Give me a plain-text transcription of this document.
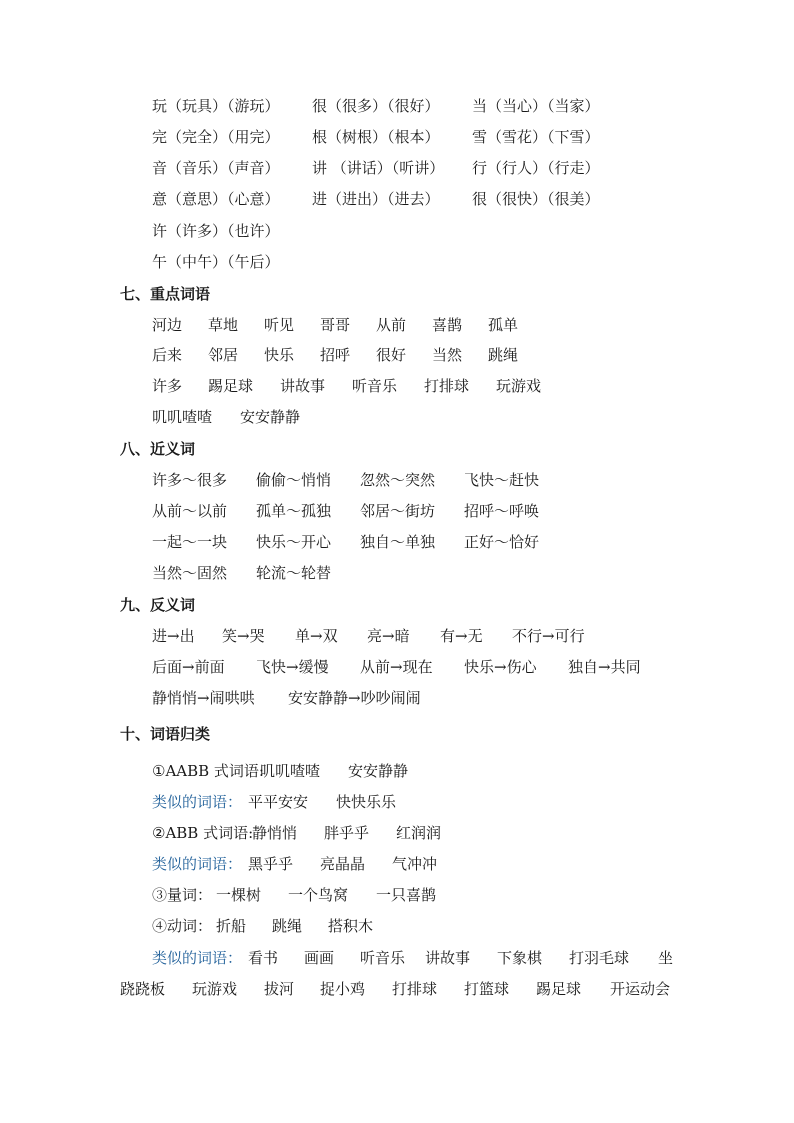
玩（玩具）（游玩） 很（很多）（很好） 当（当心）（当家）
完（完全）（用完） 根（树根）（根本） 雪（雪花）（下雪）
音（音乐）（声音） 讲 （讲话）（听讲） 行（行人）（行走）
意（意思）（心意） 进（进出）（进去） 很（很快）（很美）
许（许多）（也许）
午（中午）（午后）
七、重点词语
河边 草地 听见 哥哥 从前 喜鹊 孤单
后来 邻居 快乐 招呼 很好 当然 跳绳
许多 踢足球 讲故事 听音乐 打排球 玩游戏
叽叽喳喳 安安静静
八、近义词
许多～很多 偷偷～悄悄 忽然～突然 飞快～赶快
从前～以前 孤单～孤独 邻居～街坊 招呼～呼唤
一起～一块 快乐～开心 独自～单独 正好～恰好
当然～固然 轮流～轮替
九、反义词
进→出 笑→哭 单→双 亮→暗 有→无 不行→可行
后面→前面 飞快→缓慢 从前→现在 快乐→伤心 独自→共同
静悄悄→闹哄哄 安安静静→吵吵闹闹
十、词语归类
①AABB 式词语:
叽叽喳喳 安安静静
类似的词语： 平平安安 快快乐乐
②ABB 式词语:
静悄悄 胖乎乎 红润润
类似的词语： 黑乎乎 亮晶晶 气冲冲
③量词： 一棵树 一个鸟窝 一只喜鹊
④动词： 折船 跳绳 搭积木
类似的词语： 看书 画画 听音乐 讲故事 下象棋 打羽毛球 坐
跷跷板 玩游戏 拔河 捉小鸡 打排球 打篮球 踢足球 开运动会
